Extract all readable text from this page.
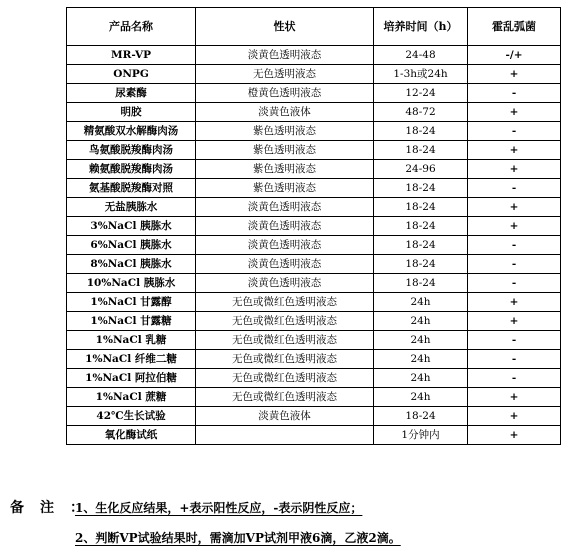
产品名称	性状	培养时间（h）	霍乱弧菌
MR-VP	淡黄色透明液态	24-48	-/+
ONPG	无色透明液态	1-3h或24h	+
尿素酶	橙黄色透明液态	12-24	-
明胶	淡黄色液体	48-72	+
精氨酸双水解酶肉汤	紫色透明液态	18-24	-
鸟氨酸脱羧酶肉汤	紫色透明液态	18-24	+
赖氨酸脱羧酶肉汤	紫色透明液态	24-96	+
氨基酸脱羧酶对照	紫色透明液态	18-24	-
无盐胰胨水	淡黄色透明液态	18-24	+
3%NaCl 胰胨水	淡黄色透明液态	18-24	+
6%NaCl 胰胨水	淡黄色透明液态	18-24	-
8%NaCl 胰胨水	淡黄色透明液态	18-24	-
10%NaCl 胰胨水	淡黄色透明液态	18-24	-
1%NaCl 甘露醇	无色或微红色透明液态	24h	+
1%NaCl 甘露糖	无色或微红色透明液态	24h	+
1%NaCl 乳糖	无色或微红色透明液态	24h	-
1%NaCl 纤维二糖	无色或微红色透明液态	24h	-
1%NaCl 阿拉伯糖	无色或微红色透明液态	24h	-
1%NaCl 蔗糖	无色或微红色透明液态	24h	+
42℃生长试验	淡黄色液体	18-24	+
氧化酶试纸		1分钟内	+
备注：
1、生化反应结果，+表示阳性反应，-表示阴性反应；
2、判断VP试验结果时，需滴加VP试剂甲液6滴，乙液2滴。
